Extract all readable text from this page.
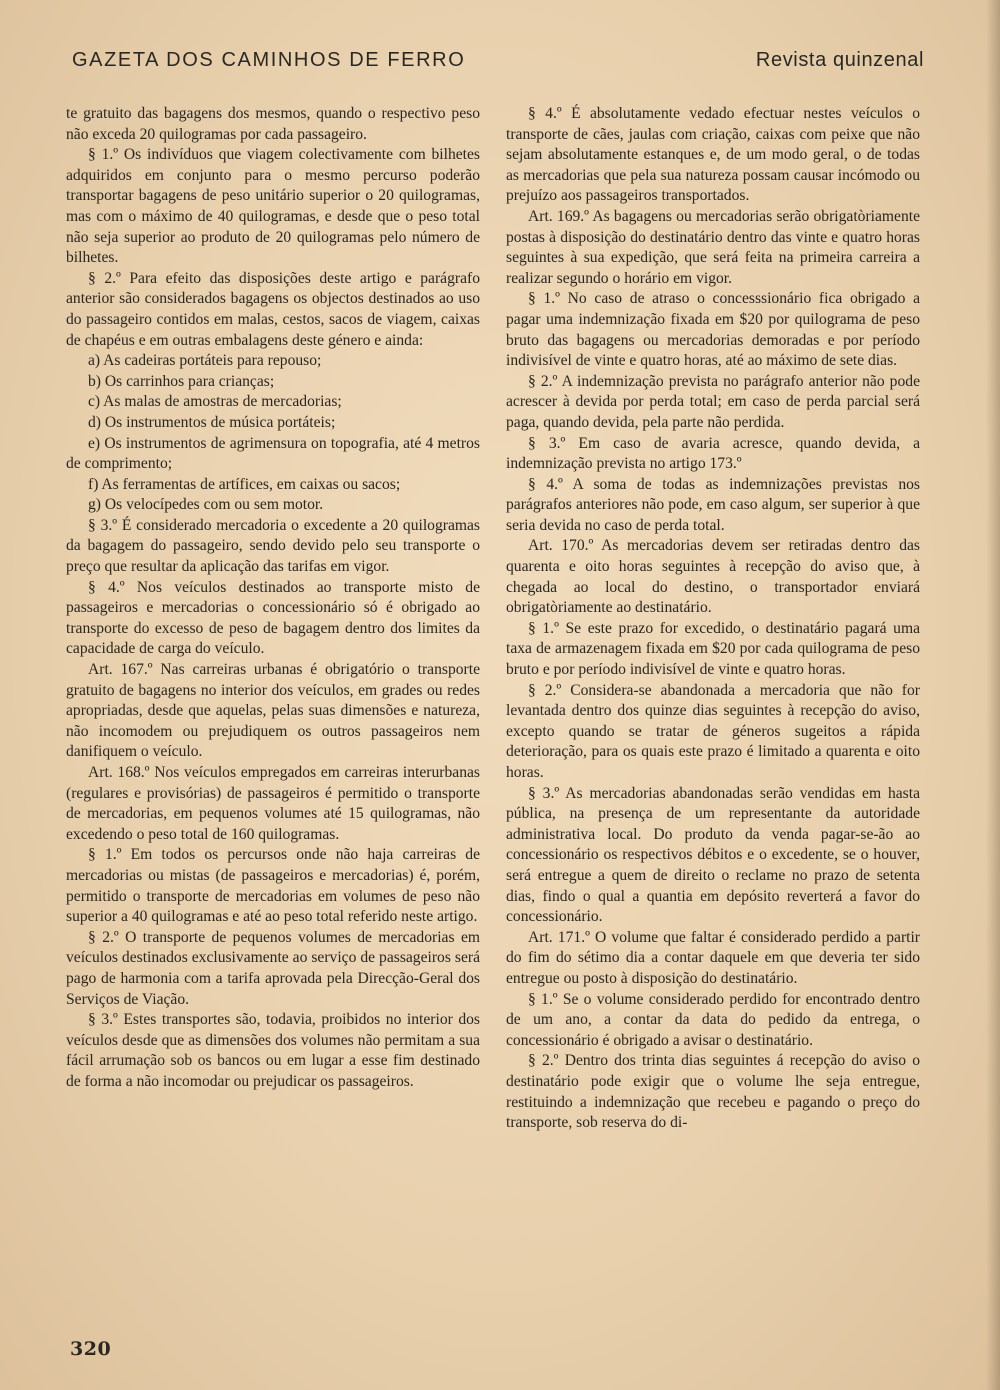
GAZETA DOS CAMINHOS DE FERRO	Revista quinzenal

te gratuito das bagagens dos mesmos, quando o respectivo peso não exceda 20 quilogramas por cada passageiro.

§ 1.º Os indivíduos que viagem colectivamente com bilhetes adquiridos em conjunto para o mesmo percurso poderão transportar bagagens de peso unitário superior o 20 quilogramas, mas com o máximo de 40 quilogramas, e desde que o peso total não seja superior ao produto de 20 quilogramas pelo número de bilhetes.

§ 2.º Para efeito das disposições deste artigo e parágrafo anterior são considerados bagagens os objectos destinados ao uso do passageiro contidos em malas, cestos, sacos de viagem, caixas de chapéus e em outras embalagens deste género e ainda:

a) As cadeiras portáteis para repouso;

b) Os carrinhos para crianças;

c) As malas de amostras de mercadorias;

d) Os instrumentos de música portáteis;

e) Os instrumentos de agrimensura on topografia, até 4 metros de comprimento;

f) As ferramentas de artífices, em caixas ou sacos;

g) Os velocípedes com ou sem motor.

§ 3.º É considerado mercadoria o excedente a 20 quilogramas da bagagem do passageiro, sendo devido pelo seu transporte o preço que resultar da aplicação das tarifas em vigor.

§ 4.º Nos veículos destinados ao transporte misto de passageiros e mercadorias o concessionário só é obrigado ao transporte do excesso de peso de bagagem dentro dos limites da capacidade de carga do veículo.

Art. 167.º Nas carreiras urbanas é obrigatório o transporte gratuito de bagagens no interior dos veículos, em grades ou redes apropriadas, desde que aquelas, pelas suas dimensões e natureza, não incomodem ou prejudiquem os outros passageiros nem danifiquem o veículo.

Art. 168.º Nos veículos empregados em carreiras interurbanas (regulares e provisórias) de passageiros é permitido o transporte de mercadorias, em pequenos volumes até 15 quilogramas, não excedendo o peso total de 160 quilogramas.

§ 1.º Em todos os percursos onde não haja carreiras de mercadorias ou mistas (de passageiros e mercadorias) é, porém, permitido o transporte de mercadorias em volumes de peso não superior a 40 quilogramas e até ao peso total referido neste artigo.

§ 2.º O transporte de pequenos volumes de mercadorias em veículos destinados exclusivamente ao serviço de passageiros será pago de harmonia com a tarifa aprovada pela Direcção-Geral dos Serviços de Viação.

§ 3.º Estes transportes são, todavia, proibidos no interior dos veículos desde que as dimensões dos volumes não permitam a sua fácil arrumação sob os bancos ou em lugar a esse fim destinado de forma a não incomodar ou prejudicar os passageiros.

§ 4.º É absolutamente vedado efectuar nestes veículos o transporte de cães, jaulas com criação, caixas com peixe que não sejam absolutamente estanques e, de um modo geral, o de todas as mercadorias que pela sua natureza possam causar incómodo ou prejuízo aos passageiros transportados.

Art. 169.º As bagagens ou mercadorias serão obrigatòriamente postas à disposição do destinatário dentro das vinte e quatro horas seguintes à sua expedição, que será feita na primeira carreira a realizar segundo o horário em vigor.

§ 1.º No caso de atraso o concesssionário fica obrigado a pagar uma indemnização fixada em $20 por quilograma de peso bruto das bagagens ou mercadorias demoradas e por período indivisível de vinte e quatro horas, até ao máximo de sete dias.

§ 2.º A indemnização prevista no parágrafo anterior não pode acrescer à devida por perda total; em caso de perda parcial será paga, quando devida, pela parte não perdida.

§ 3.º Em caso de avaria acresce, quando devida, a indemnização prevista no artigo 173.º

§ 4.º A soma de todas as indemnizações previstas nos parágrafos anteriores não pode, em caso algum, ser superior à que seria devida no caso de perda total.

Art. 170.º As mercadorias devem ser retiradas dentro das quarenta e oito horas seguintes à recepção do aviso que, à chegada ao local do destino, o transportador enviará obrigatòriamente ao destinatário.

§ 1.º Se este prazo for excedido, o destinatário pagará uma taxa de armazenagem fixada em $20 por cada quilograma de peso bruto e por período indivisível de vinte e quatro horas.

§ 2.º Considera-se abandonada a mercadoria que não for levantada dentro dos quinze dias seguintes à recepção do aviso, excepto quando se tratar de géneros sugeitos a rápida deterioração, para os quais este prazo é limitado a quarenta e oito horas.

§ 3.º As mercadorias abandonadas serão vendidas em hasta pública, na presença de um representante da autoridade administrativa local. Do produto da venda pagar-se-ão ao concessionário os respectivos débitos e o excedente, se o houver, será entregue a quem de direito o reclame no prazo de setenta dias, findo o qual a quantia em depósito reverterá a favor do concessionário.

Art. 171.º O volume que faltar é considerado perdido a partir do fim do sétimo dia a contar daquele em que deveria ter sido entregue ou posto à disposição do destinatário.

§ 1.º Se o volume considerado perdido for encontrado dentro de um ano, a contar da data do pedido da entrega, o concessionário é obrigado a avisar o destinatário.

§ 2.º Dentro dos trinta dias seguintes á recepção do aviso o destinatário pode exigir que o volume lhe seja entregue, restituindo a indemnização que recebeu e pagando o preço do transporte, sob reserva do di-

320
